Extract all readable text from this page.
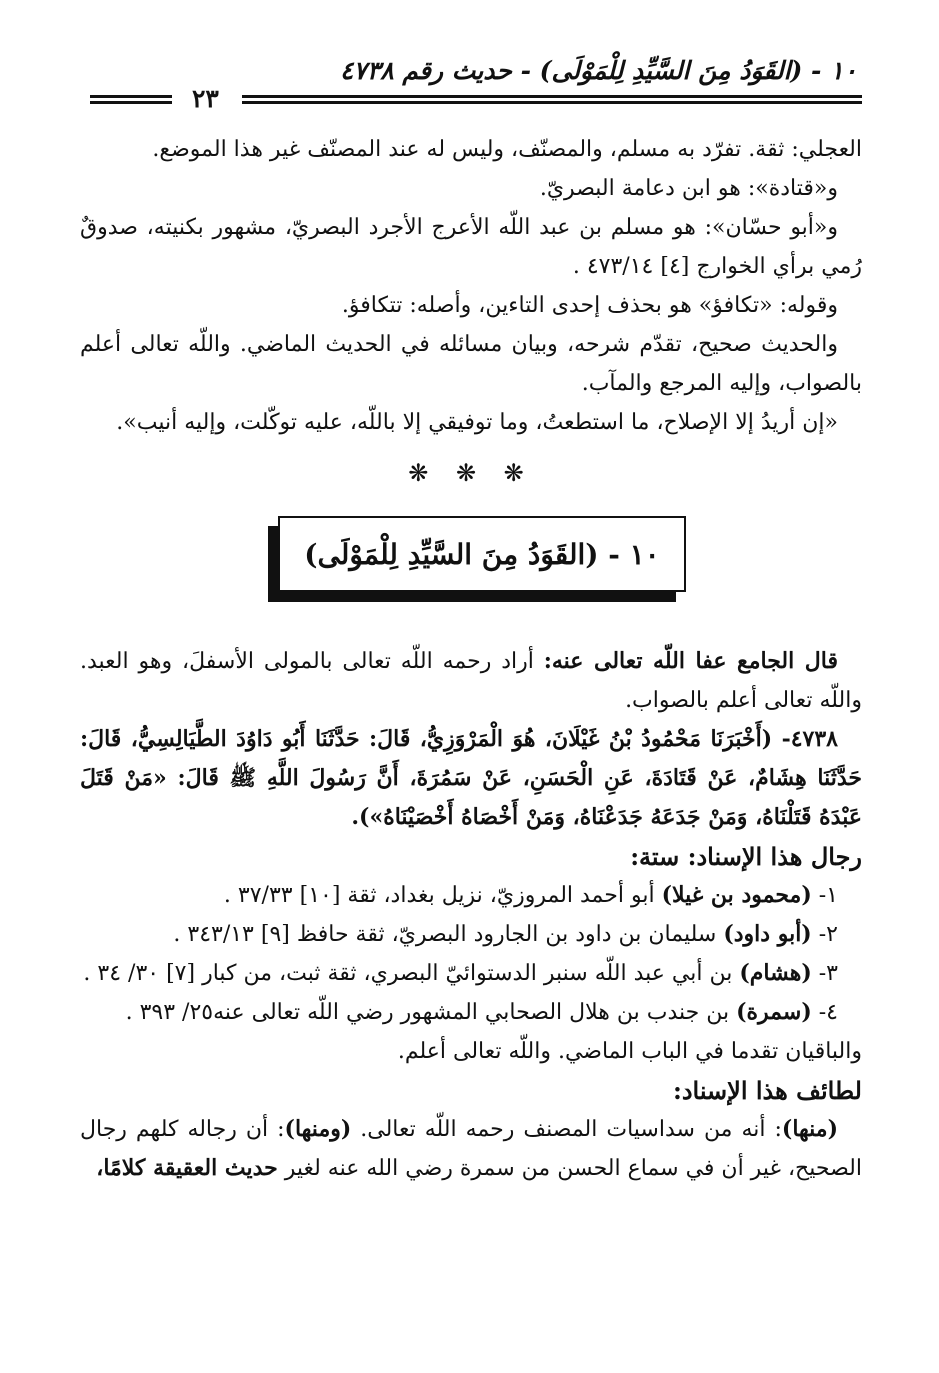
١٠ - (القَوَدُ مِنَ السَّيِّدِ لِلْمَوْلَى) - حديث رقم ٤٧٣٨
٢٣

العجلي: ثقة. تفرّد به مسلم، والمصنّف، وليس له عند المصنّف غير هذا الموضع.

و«قتادة»: هو ابن دعامة البصريّ.

و«أبو حسّان»: هو مسلم بن عبد اللّه الأعرج الأجرد البصريّ، مشهور بكنيته، صدوقٌ رُمي برأي الخوارج [٤] ٤٧٣/١٤ .

وقوله: «تكافؤ» هو بحذف إحدى التاءين، وأصله: تتكافؤ.

والحديث صحيح، تقدّم شرحه، وبيان مسائله في الحديث الماضي. واللّه تعالى أعلم بالصواب، وإليه المرجع والمآب.

«إن أريدُ إلا الإصلاح، ما استطعتُ، وما توفيقي إلا باللّه، عليه توكّلت، وإليه أنيب».

❋ ❋ ❋
١٠ - (القَوَدُ مِنَ السَّيِّدِ لِلْمَوْلَى)

قال الجامع عفا اللّه تعالى عنه: أراد رحمه اللّه تعالى بالمولى الأسفلَ، وهو العبد. واللّه تعالى أعلم بالصواب.

٤٧٣٨- (أَخْبَرَنَا مَحْمُودُ بْنُ غَيْلَانَ، هُوَ الْمَرْوَزِيُّ، قَالَ: حَدَّثَنَا أَبُو دَاوُدَ الطَّيَالِسِيُّ، قَالَ: حَدَّثَنَا هِشَامٌ، عَنْ قَتَادَةَ، عَنِ الْحَسَنِ، عَنْ سَمُرَةَ، أَنَّ رَسُولَ اللَّهِ ﷺ قَالَ: «مَنْ قَتَلَ عَبْدَهُ قَتَلْنَاهُ، وَمَنْ جَدَعَهُ جَدَعْنَاهُ، وَمَنْ أَخْصَاهُ أَخْصَيْنَاهُ»).

رجال هذا الإسناد: ستة:

١- (محمود بن غيلا) أبو أحمد المروزيّ، نزيل بغداد، ثقة [١٠] ٣٧/٣٣ .

٢- (أبو داود) سليمان بن داود بن الجارود البصريّ، ثقة حافظ [٩] ٣٤٣/١٣ .

٣- (هشام) بن أبي عبد اللّه سنبر الدستوائيّ البصري، ثقة ثبت، من كبار [٧] ٣٠/ ٣٤ .

٤- (سمرة) بن جندب بن هلال الصحابي المشهور رضي اللّه تعالى عنه٢٥/ ٣٩٣ .

والباقيان تقدما في الباب الماضي. واللّه تعالى أعلم.

لطائف هذا الإسناد:

(منها): أنه من سداسيات المصنف رحمه اللّه تعالى. (ومنها): أن رجاله كلهم رجال الصحيح، غير أن في سماع الحسن من سمرة رضي الله عنه لغير حديث العقيقة كلامًا،
